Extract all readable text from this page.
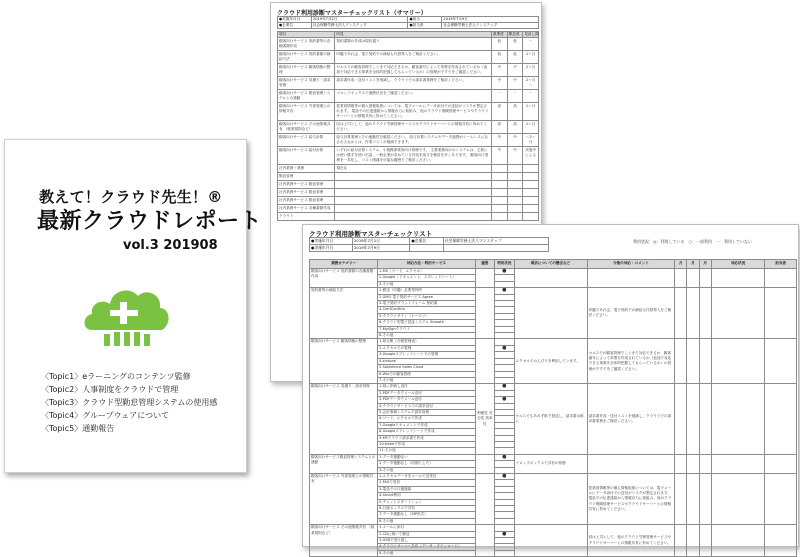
クラウド利用診断マスターチェックリスト（サマリー）
●実施年月日	2019年7月2日	●担当	2019年7月9日
●企業名	社会保険労務士法人ワンステップ	●担当者	社会保険労務士法人ワンステップ
項目	所見	重要度	緊急度	見直し期
顧客向けサービス 契約書等の各種書類作成	契約書類の作成は現状通り	低	低	－
顧客向けサービス 契約書類の締結方法	印鑑であれば、電子契約での締結も代替導入をご検討ください。	低	低	1ヶ月
顧客向けサービス 顧客情報の整理	セルスでの顧客管理でことまで対応できるか、顧客番号によって単票を作成されているか（追加で対応できる事業を全体的把握してもらっているか）の管理がですでをご確認ください。	中	中	2ヶ月
顧客向けサービス 見積り・請求管理	請求書作成・送付コストを削減し、クラウドでの請求書業務をご検討ください。	中	中	2ヶ月～
顧客向けサービス 勤怠管理システムとの連動	マロンフボックスで連携状況をご確認ください。	－	－	－
顧客向けサービス 外部管理上の情報共有	従業員情報等の個人情報取扱については、電子メールにデータ添付での送信がリスクが想定されます。 電話での伝達連絡から情報出力に取組み、他のクラウド保険管理サービスやクラウドサーバーとの情報共有に努めてください。	高	高	1ヶ月
顧客向けサービス その他情報共有 （就業規則など）	回は上司として、他のクラウド労務管理サービスやクラウドサーバーとの情報共有に努めてください。	高	高	1ヶ月
顧客向けサービス 給与計算	給与計算業務とその連動性を確認ください。 給与計算システムやデータ連携がシームレスになされるなかとは、作業コストが削減できます。	中	中	～2ヶ月
顧客向けサービス 給付計算	いずれの給付計算システム、小規模事業所向け管理です。 主要業務向けのシステムは、主要には使い勝手を使い出量、一般企業が求めている内容を前方を検討を多くあります。 顧客向け業務を一本化し、コスト削減を可能な範囲でご検討ください。	中	中	実施中による
社内業務＋業務	現在な			
勤怠管理				
社内業務サービス 勤怠管理				
社内業務サービス 勤怠管理				
社内業務サービス 勤怠管理				
社内業務サービス 各種書類作成				
クラウド				
クラウド利用診断マスターチェックリスト
●実施年月日	2019年7月2日	●企業名	社会保険労務士法人ワンステップ
●実施年月日	2019年7月9日		
利用状況：◎：利用している　○：一部利用　－：利用していない
業務カテゴリー	対応方法・利用サービス	重要	利用状況	現状についての懸念など	今後の対応・コメント	月	月	月	対応状況	担当者
顧客向けサービス 契約書類の各種書類作成	1.MS（ワード、エクセル）		●							
	2.Google（ドキュメント、スプレッドシート）									
	3.その他									
契約書等の締結方法	1.郵送（印鑑）必要等押印		●		印鑑であれば、電子契約での締結も代替導入をご検討ください。					
	2.GMO 電子契約サービス Agree									
	3.電子契約プラットフォーム 契約書									
	4.ConfConfirm									
	5.クラウドサイン（ケースリ）									
	6.クラウド型電子認証システム Smooth									
	7.MySignクラウド									
	8.その他									
顧客向けサービス 顧客情報の整理	1.紙台帳（台帳管理表）			エクセルでのんびりを利用しています。	セルスでの顧客管理でことまで対応できるか、顧客番号によって単票を作成されているか（追加で対応できる事業を全体的把握してもらっているか）の管理がですでをご確認ください。					
	2.エクセルでの管理		●							
	3.Googleスプレッドシートでの管理									
	4.kintone									
	5.Salesforce Sales Cloud									
	6.Wixでの顧客管理									
	7.その他									
顧客向けサービス 見積り・請求管理	1.紙に印刷し送付	利便性 安全性 効率性	●	セルスでもあれず紙で発送し、請求書は紙に	請求書作成・送付コストを削減し、クラウドでの請求書業務をご検討ください。					
	2.PDFデータでメール送付									
	3.PDFデータでメール送付		●							
	4.クラウドサービスでの請求送付									
	5.会計事務システムで請求管理									
	6.ワード、エクセルで作成									
	7.Googleドキュメントで作成									
	8.Googleスプレッドシートで作成									
	9.MFクラウド請求書で作成									
	10.freeeで作成									
	11.その他									
顧客向けサービス勤怠管理システムとの連動	1.データ連動ない		●	ドロップボックスで共有の形態						
	2.データ連動なし（同期とした）									
	3.その他									
顧客向けサービス 外部管理上の情報共有	1.エクセルデータをメールで送受信		●		従業員情報等の個人情報取扱については、電子メールにデータ添付での送信がリスクが想定されます。電話での伝達連絡から情報出力に取組み、他のクラウド保険管理サービスやクラウドサーバーとの情報共有に努めてください。					
	2.FAXで受信									
	3.電話での口頭連絡									
	4.Smart利用									
	5.チャットスタートション									
	6.日経ボックスで共有									
	7.データ連動なし（ZIP形式）									
	8.その他									
顧客向けサービス その他情報共有 （就業規則など）	1.メールに添付				回は上司として、他のクラウド労務管理サービスやクラウドサーバーとの情報共有に努めてください。					
	2.CDに焼いて郵送		●							
	3.USBで受け渡し									
	4.クラウドサーバー共有（データ・ダウンロード）									
	5.その他									
教えて！クラウド先生！®
最新クラウドレポート
vol.3 201908
〈Topic1〉eラーニングのコンテンツ監修
〈Topic2〉人事制度をクラウドで管理
〈Topic3〉クラウド型勤怠管理システムの使用感
〈Topic4〉グループウェアについて
〈Topic5〉通勤報告
